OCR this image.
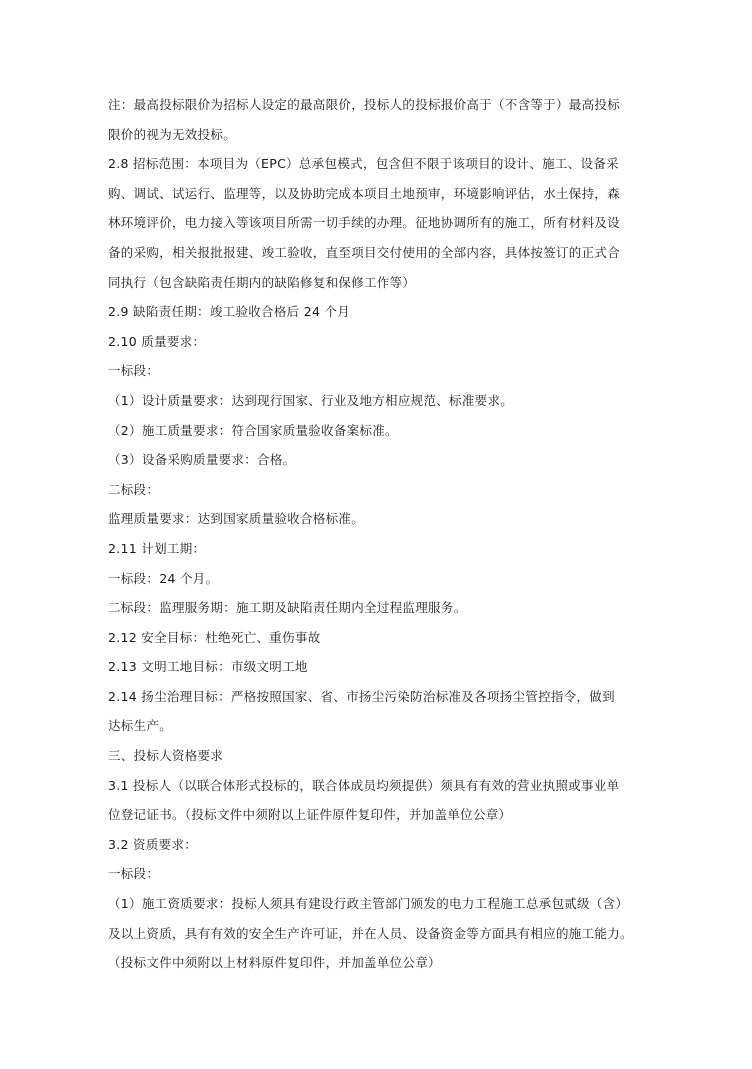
注：最高投标限价为招标人设定的最高限价，投标人的投标报价高于（不含等于）最高投标
限价的视为无效投标。
2.8 招标范围：本项目为（EPC）总承包模式，包含但不限于该项目的设计、施工、设备采
购、调试、试运行、监理等，以及协助完成本项目土地预审，环境影响评估，水土保持，森
林环境评价，电力接入等该项目所需一切手续的办理。征地协调所有的施工，所有材料及设
备的采购，相关报批报建、竣工验收，直至项目交付使用的全部内容，具体按签订的正式合
同执行（包含缺陷责任期内的缺陷修复和保修工作等）
2.9 缺陷责任期：竣工验收合格后 24 个月
2.10 质量要求：
一标段：
（1）设计质量要求：达到现行国家、行业及地方相应规范、标准要求。
（2）施工质量要求：符合国家质量验收备案标准。
（3）设备采购质量要求：合格。
二标段：
监理质量要求：达到国家质量验收合格标准。
2.11 计划工期：
一标段：24 个月。
二标段：监理服务期：施工期及缺陷责任期内全过程监理服务。
2.12 安全目标：杜绝死亡、重伤事故
2.13 文明工地目标：市级文明工地
2.14 扬尘治理目标：严格按照国家、省、市扬尘污染防治标准及各项扬尘管控指令，做到
达标生产。
三、投标人资格要求
3.1 投标人（以联合体形式投标的，联合体成员均须提供）须具有有效的营业执照或事业单
位登记证书。（投标文件中须附以上证件原件复印件，并加盖单位公章）
3.2 资质要求：
一标段：
（1）施工资质要求：投标人须具有建设行政主管部门颁发的电力工程施工总承包贰级（含）
及以上资质，具有有效的安全生产许可证，并在人员、设备资金等方面具有相应的施工能力。
（投标文件中须附以上材料原件复印件，并加盖单位公章）
